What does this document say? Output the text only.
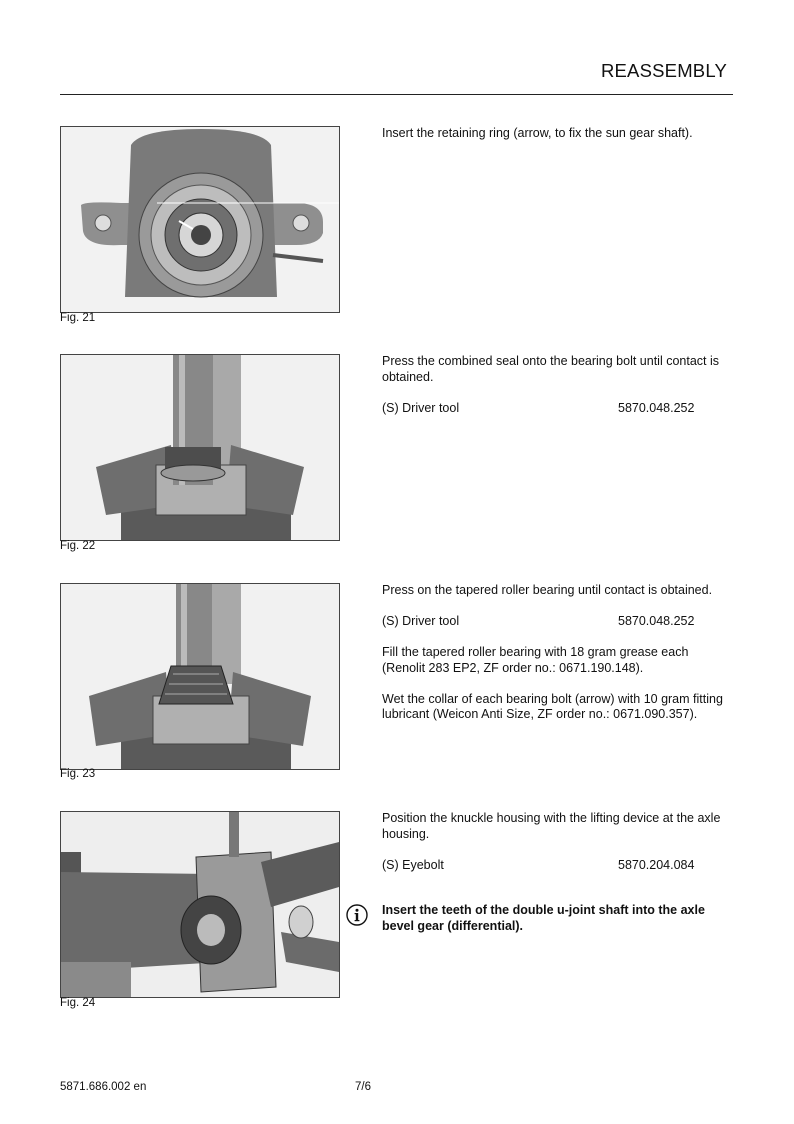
REASSEMBLY
Fig. 21

Insert the retaining ring (arrow, to fix the sun gear shaft).

Fig. 22

Press the combined seal onto the bearing bolt until contact is obtained.

(S) Driver tool	5870.048.252
Fig. 23

Press on the tapered roller bearing until contact is obtained.

(S) Driver tool	5870.048.252

Fill the tapered roller bearing with 18 gram grease each (Renolit 283 EP2, ZF order no.: 0671.190.148).

Wet the collar of each bearing bolt (arrow) with 10 gram fitting lubricant (Weicon Anti Size, ZF order no.: 0671.090.357).

Fig. 24

Position the knuckle housing with the lifting device at the axle housing.

(S) Eyebolt	5870.204.084
Insert the teeth of the double u-joint shaft into the axle bevel gear (differential).
5871.686.002 en	7/6
